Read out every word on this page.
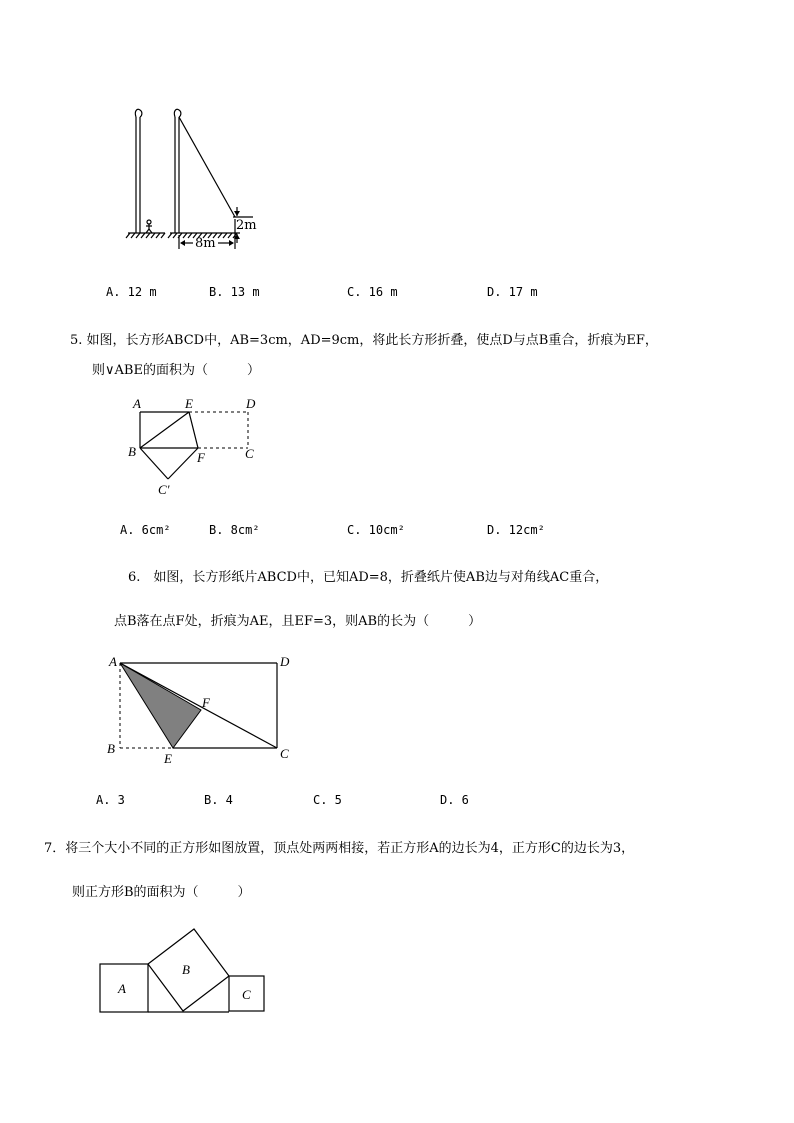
2m
8m
A. 12 m	B. 13 m	C. 16 m	D. 17 m
5. 如图，长方形ABCD中，AB=3cm，AD=9cm，将此长方形折叠，使点D与点B重合，折痕为EF，
则∨ABE的面积为（　　　）
A	E	D
B	F	C
C'
A. 6cm²	B. 8cm²	C. 10cm²	D. 12cm²
6.　如图，长方形纸片ABCD中，已知AD=8，折叠纸片使AB边与对角线AC重合，
点B落在点F处，折痕为AE，且EF=3，则AB的长为（　　　）
A	D
F
B
E	C
A. 3	B. 4	C. 5	D. 6
7．将三个大小不同的正方形如图放置，顶点处两两相接，若正方形A的边长为4，正方形C的边长为3，
则正方形B的面积为（　　　）
A
B
C
